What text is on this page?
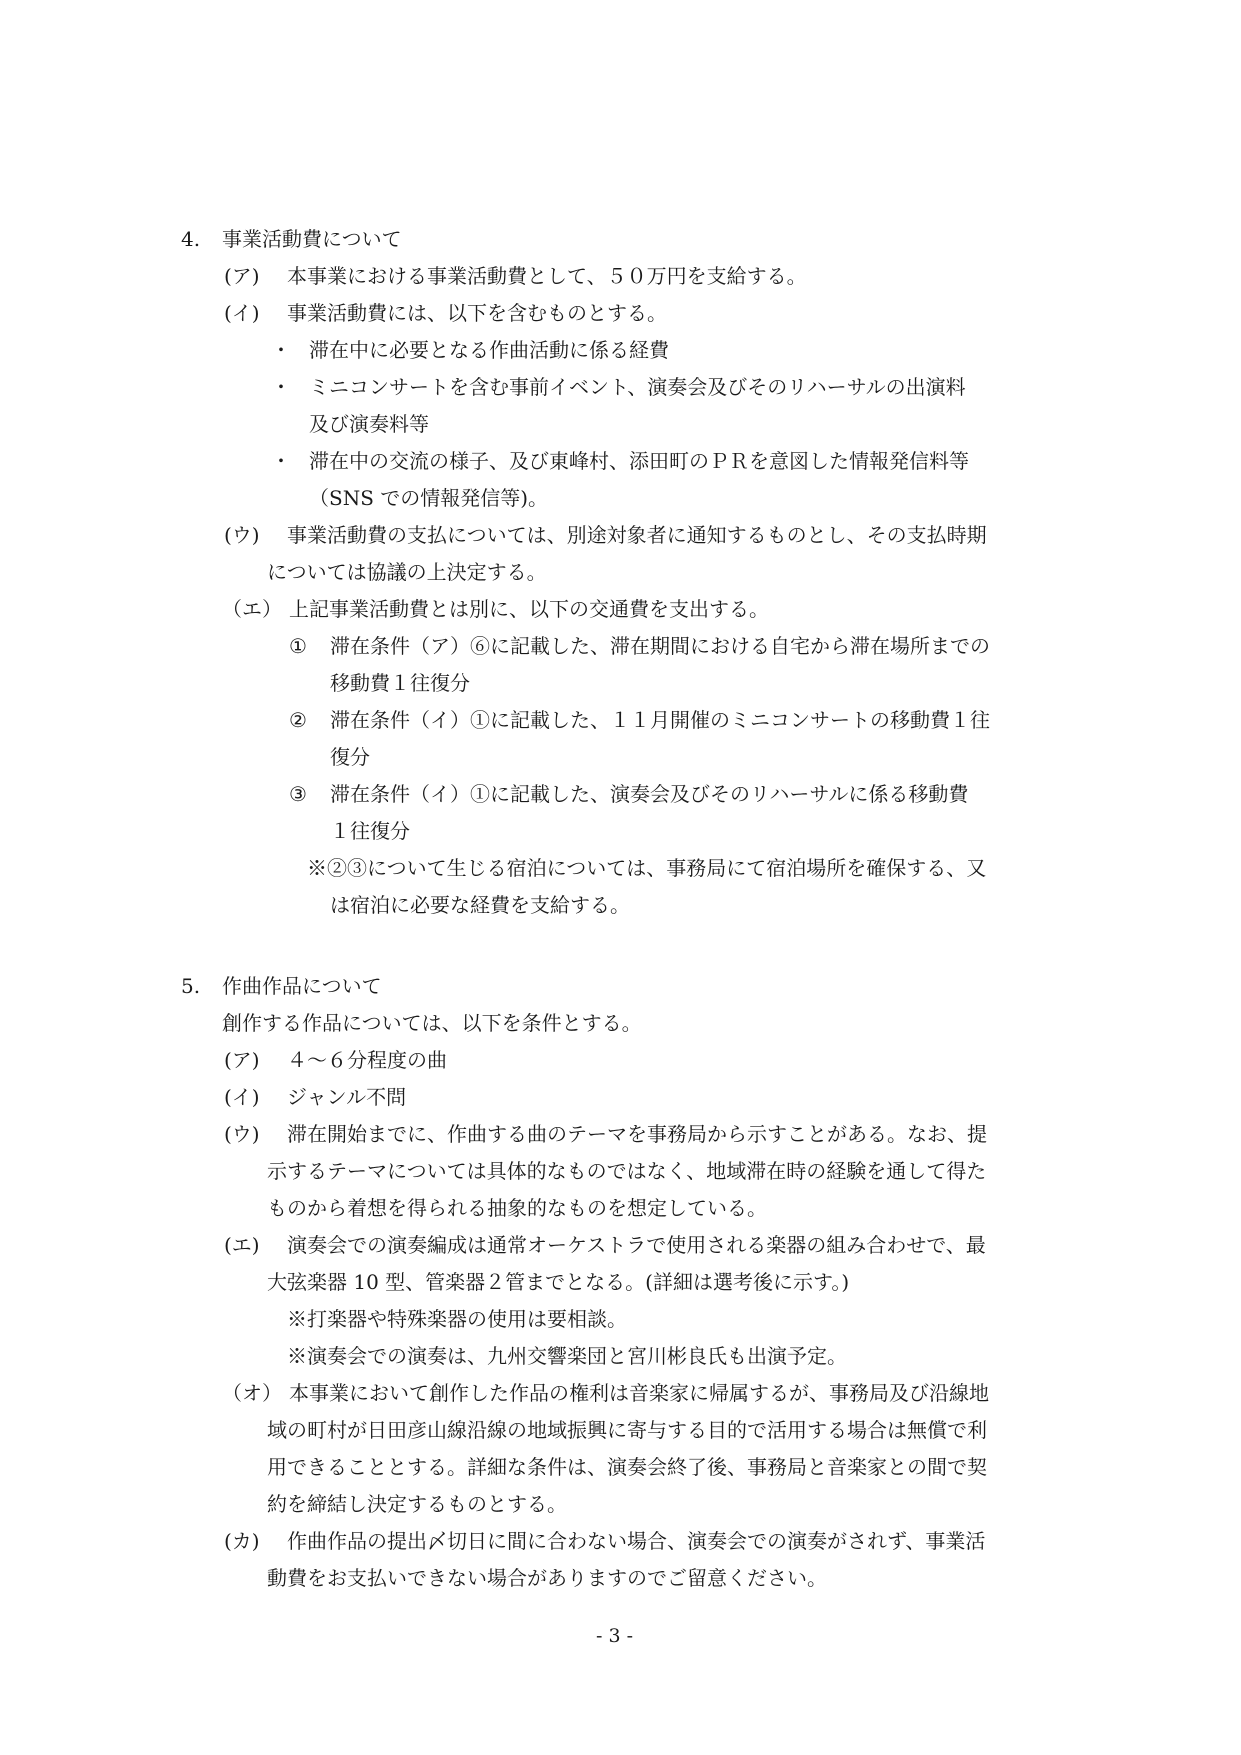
4. 事業活動費について
(ア) 本事業における事業活動費として、５０万円を支給する。
(イ) 事業活動費には、以下を含むものとする。
・ 滞在中に必要となる作曲活動に係る経費
・ ミニコンサートを含む事前イベント、演奏会及びそのリハーサルの出演料
及び演奏料等
・ 滞在中の交流の様子、及び東峰村、添田町のＰＲを意図した情報発信料等
（SNS での情報発信等)。
(ウ) 事業活動費の支払については、別途対象者に通知するものとし、その支払時期
については協議の上決定する。
（エ） 上記事業活動費とは別に、以下の交通費を支出する。
① 滞在条件（ア）⑥に記載した、滞在期間における自宅から滞在場所までの
移動費１往復分
② 滞在条件（イ）①に記載した、１１月開催のミニコンサートの移動費１往
復分
③ 滞在条件（イ）①に記載した、演奏会及びそのリハーサルに係る移動費
１往復分
※②③について生じる宿泊については、事務局にて宿泊場所を確保する、又
は宿泊に必要な経費を支給する。
5. 作曲作品について
創作する作品については、以下を条件とする。
(ア) ４～６分程度の曲
(イ) ジャンル不問
(ウ) 滞在開始までに、作曲する曲のテーマを事務局から示すことがある。なお、提
示するテーマについては具体的なものではなく、地域滞在時の経験を通して得た
ものから着想を得られる抽象的なものを想定している。
(エ) 演奏会での演奏編成は通常オーケストラで使用される楽器の組み合わせで、最
大弦楽器 10 型、管楽器２管までとなる。(詳細は選考後に示す。)
※打楽器や特殊楽器の使用は要相談。
※演奏会での演奏は、九州交響楽団と宮川彬良氏も出演予定。
（オ） 本事業において創作した作品の権利は音楽家に帰属するが、事務局及び沿線地
域の町村が日田彦山線沿線の地域振興に寄与する目的で活用する場合は無償で利
用できることとする。詳細な条件は、演奏会終了後、事務局と音楽家との間で契
約を締結し決定するものとする。
(カ) 作曲作品の提出〆切日に間に合わない場合、演奏会での演奏がされず、事業活
動費をお支払いできない場合がありますのでご留意ください。
- 3 -
